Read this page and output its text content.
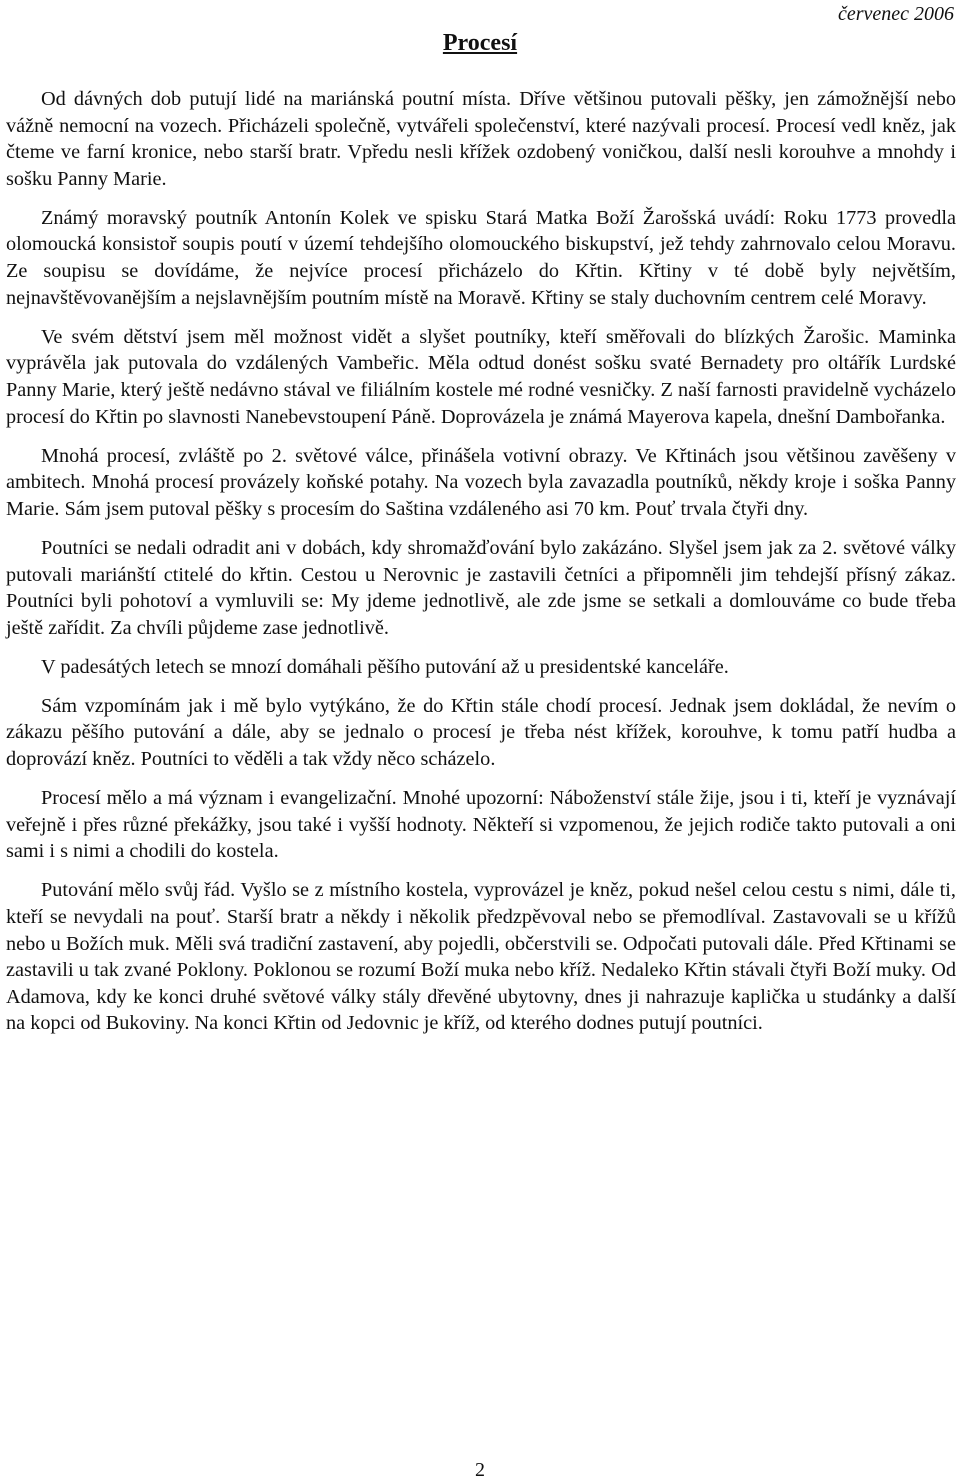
červenec 2006
Procesí

Od dávných dob putují lidé na mariánská poutní místa. Dříve většinou putovali pěšky, jen zámožnější nebo vážně nemocní na vozech. Přicházeli společně, vytvářeli společenství, které nazývali procesí. Procesí vedl kněz, jak čteme ve farní kronice, nebo starší bratr. Vpředu nesli křížek ozdobený voničkou, další nesli korouhve a mnohdy i sošku Panny Marie.

Známý moravský poutník Antonín Kolek ve spisku Stará Matka Boží Žarošská uvádí: Roku 1773 provedla olomoucká konsistoř soupis poutí v území tehdejšího olomouckého biskupství, jež tehdy zahrnovalo celou Moravu. Ze soupisu se dovídáme, že nejvíce procesí přicházelo do Křtin. Křtiny v té době byly největším, nejnavštěvovanějším a nejslavnějším poutním místě na Moravě. Křtiny se staly duchovním centrem celé Moravy.

Ve svém dětství jsem měl možnost vidět a slyšet poutníky, kteří směřovali do blízkých Žarošic. Maminka vyprávěla jak putovala do vzdálených Vambeřic. Měla odtud donést sošku svaté Bernadety pro oltářík Lurdské Panny Marie, který ještě nedávno stával ve filiálním kostele mé rodné vesničky. Z naší farnosti pravidelně vycházelo procesí do Křtin po slavnosti Nanebevstoupení Páně. Doprovázela je známá Mayerova kapela, dnešní Dambořanka.

Mnohá procesí, zvláště po 2. světové válce, přinášela votivní obrazy. Ve Křtinách jsou většinou zavěšeny v ambitech. Mnohá procesí provázely koňské potahy. Na vozech byla zavazadla poutníků, někdy kroje i soška Panny Marie. Sám jsem putoval pěšky s procesím do Saština vzdáleného asi 70 km. Pouť trvala čtyři dny.

Poutníci se nedali odradit ani v dobách, kdy shromažďování bylo zakázáno. Slyšel jsem jak za 2. světové války putovali mariánští ctitelé do křtin. Cestou u Nerovnic je zastavili četníci a připomněli jim tehdejší přísný zákaz. Poutníci byli pohotoví a vymluvili se: My jdeme jednotlivě, ale zde jsme se setkali a domlouváme co bude třeba ještě zařídit. Za chvíli půjdeme zase jednotlivě.

V padesátých letech se mnozí domáhali pěšího putování až u presidentské kanceláře.

Sám vzpomínám jak i mě bylo vytýkáno, že do Křtin stále chodí procesí. Jednak jsem dokládal, že nevím o zákazu pěšího putování a dále, aby se jednalo o procesí je třeba nést křížek, korouhve, k tomu patří hudba a doprovází kněz. Poutníci to věděli a tak vždy něco scházelo.

Procesí mělo a má význam i evangelizační. Mnohé upozorní: Náboženství stále žije, jsou i ti, kteří je vyznávají veřejně i přes různé překážky, jsou také i vyšší hodnoty. Někteří si vzpomenou, že jejich rodiče takto putovali a oni sami i s nimi a chodili do kostela.

Putování mělo svůj řád. Vyšlo se z místního kostela, vyprovázel je kněz, pokud nešel celou cestu s nimi, dále ti, kteří se nevydali na pouť. Starší bratr a někdy i několik předzpěvoval nebo se přemodlíval. Zastavovali se u křížů nebo u Božích muk. Měli svá tradiční zastavení, aby pojedli, občerstvili se. Odpočati putovali dále. Před Křtinami se zastavili u tak zvané Poklony. Poklonou se rozumí Boží muka nebo kříž. Nedaleko Křtin stávali čtyři Boží muky. Od Adamova, kdy ke konci druhé světové války stály dřevěné ubytovny, dnes ji nahrazuje kaplička u studánky a další na kopci od Bukoviny. Na konci Křtin od Jedovnic je kříž, od kterého dodnes putují poutníci.

2
